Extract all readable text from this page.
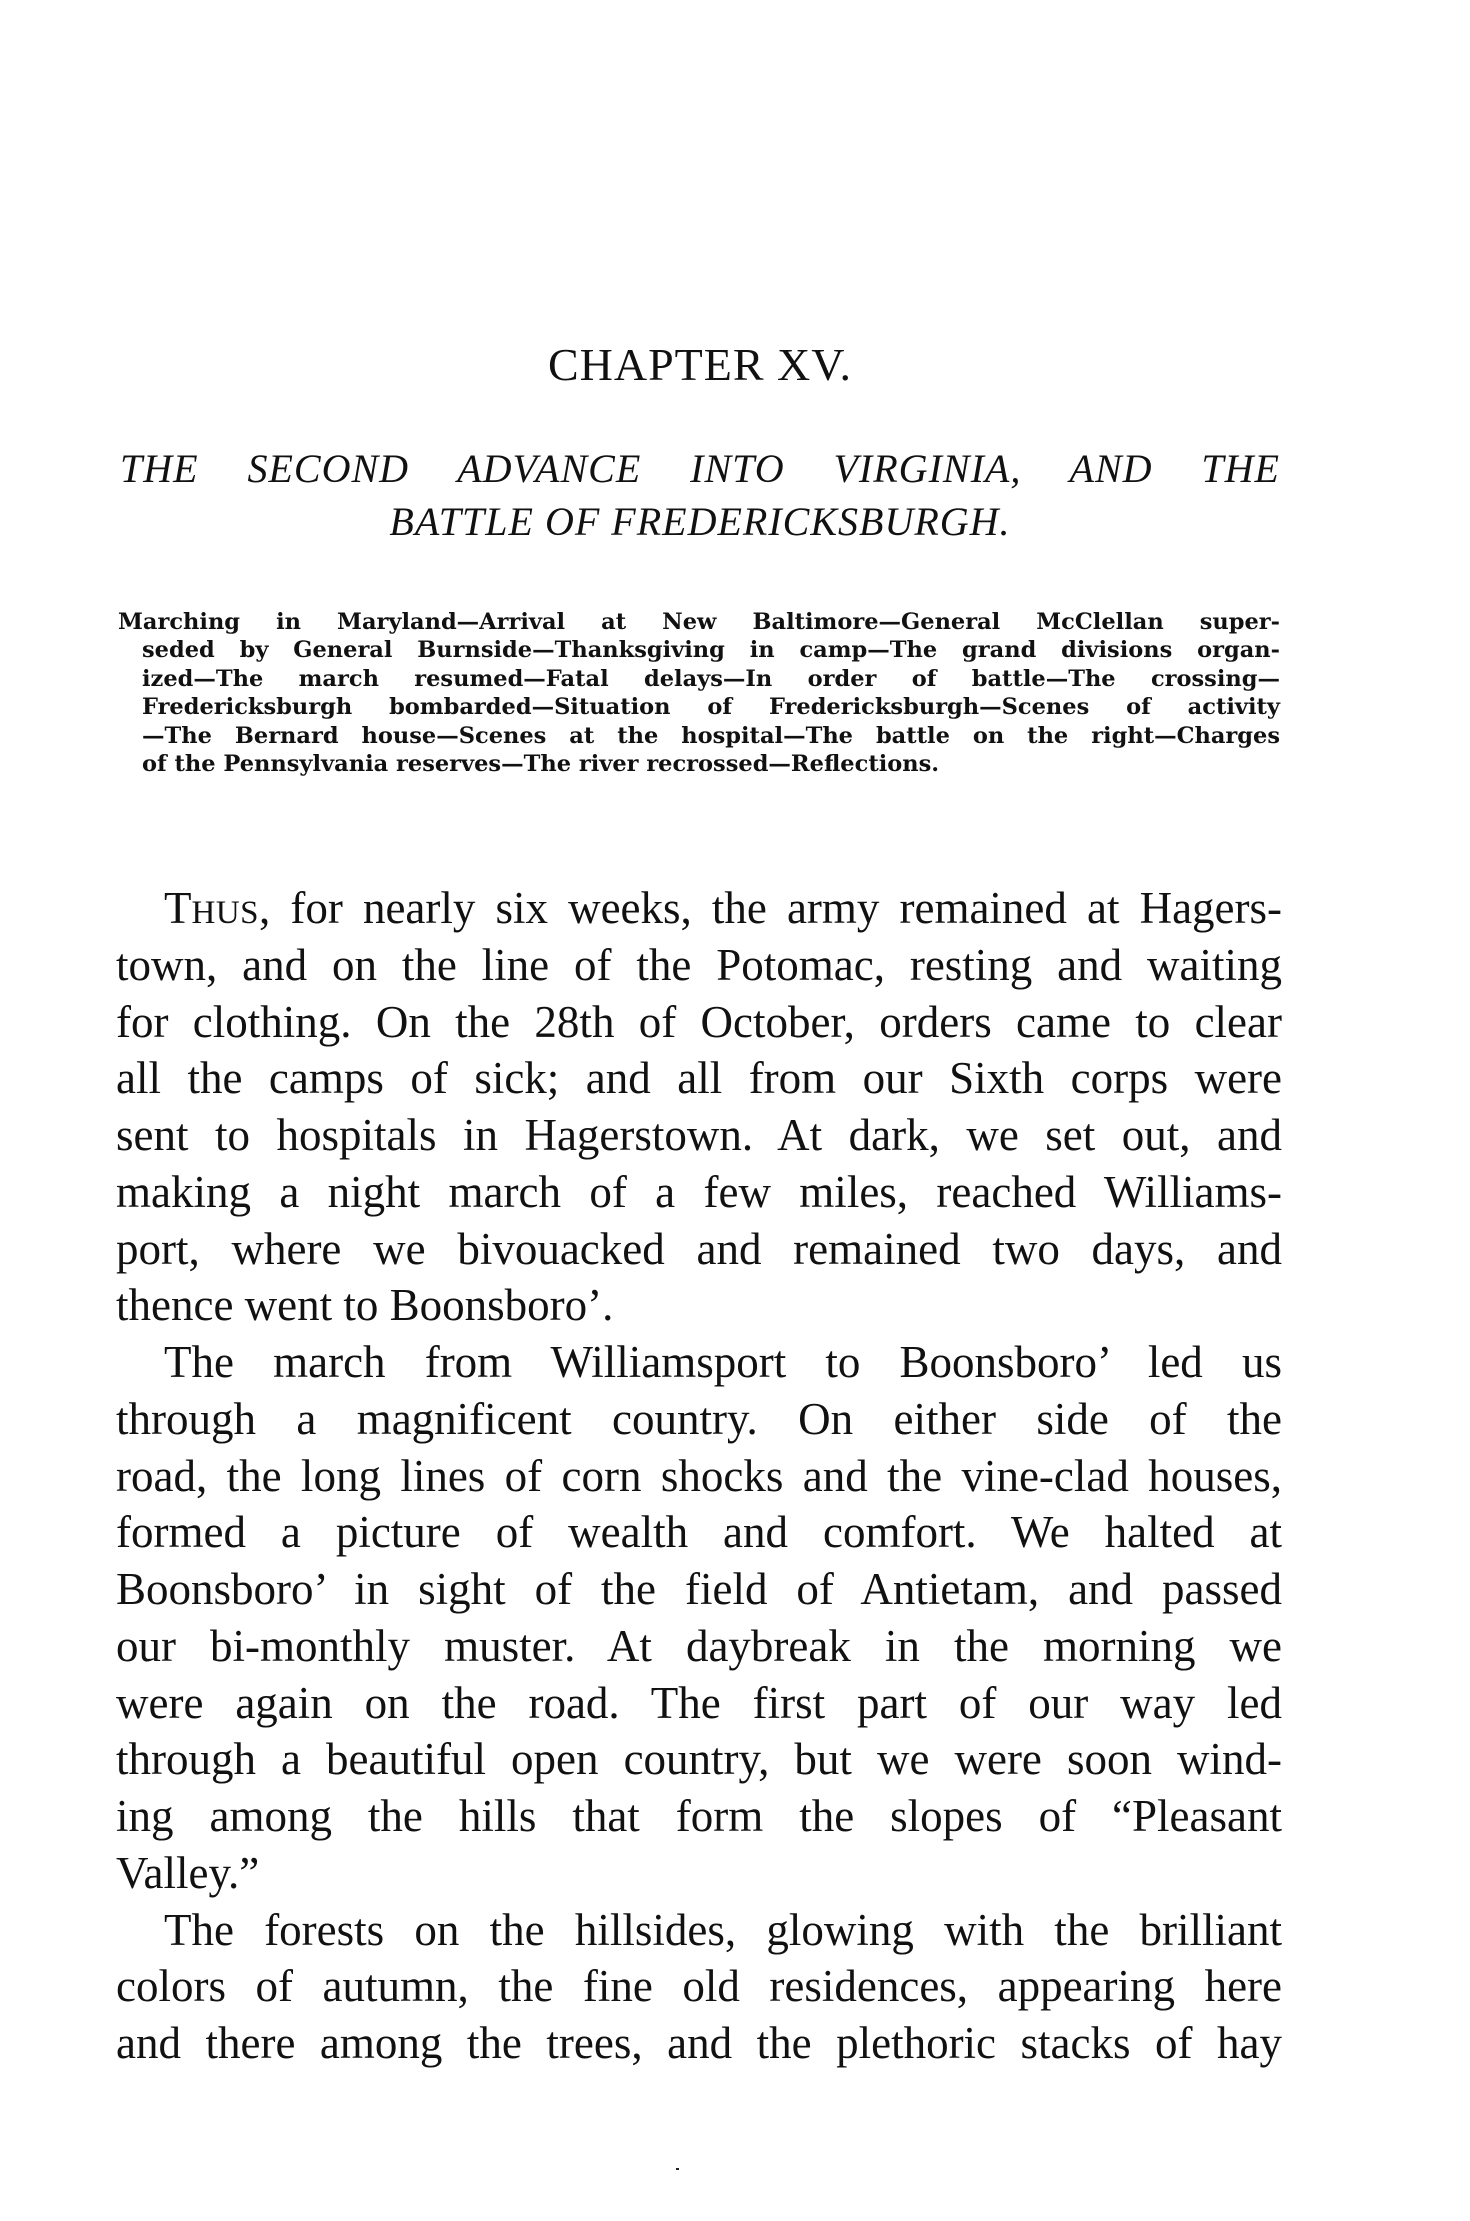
CHAPTER XV.
THE SECOND ADVANCE INTO VIRGINIA, AND THE
BATTLE OF FREDERICKSBURGH.
Marching in Maryland—Arrival at New Baltimore—General McClellan super-
seded by General Burnside—Thanksgiving in camp—The grand divisions organ-
ized—The march resumed—Fatal delays—In order of battle—The crossing—
Fredericksburgh bombarded—Situation of Fredericksburgh—Scenes of activity
—The Bernard house—Scenes at the hospital—The battle on the right—Charges
of the Pennsylvania reserves—The river recrossed—Reflections.
THUS, for nearly six weeks, the army remained at Hagers-
town, and on the line of the Potomac, resting and waiting
for clothing. On the 28th of October, orders came to clear
all the camps of sick; and all from our Sixth corps were
sent to hospitals in Hagerstown. At dark, we set out, and
making a night march of a few miles, reached Williams-
port, where we bivouacked and remained two days, and
thence went to Boonsboro’.
The march from Williamsport to Boonsboro’ led us
through a magnificent country. On either side of the
road, the long lines of corn shocks and the vine-clad houses,
formed a picture of wealth and comfort. We halted at
Boonsboro’ in sight of the field of Antietam, and passed
our bi-monthly muster. At daybreak in the morning we
were again on the road. The first part of our way led
through a beautiful open country, but we were soon wind-
ing among the hills that form the slopes of “Pleasant
Valley.”
The forests on the hillsides, glowing with the brilliant
colors of autumn, the fine old residences, appearing here
and there among the trees, and the plethoric stacks of hay
